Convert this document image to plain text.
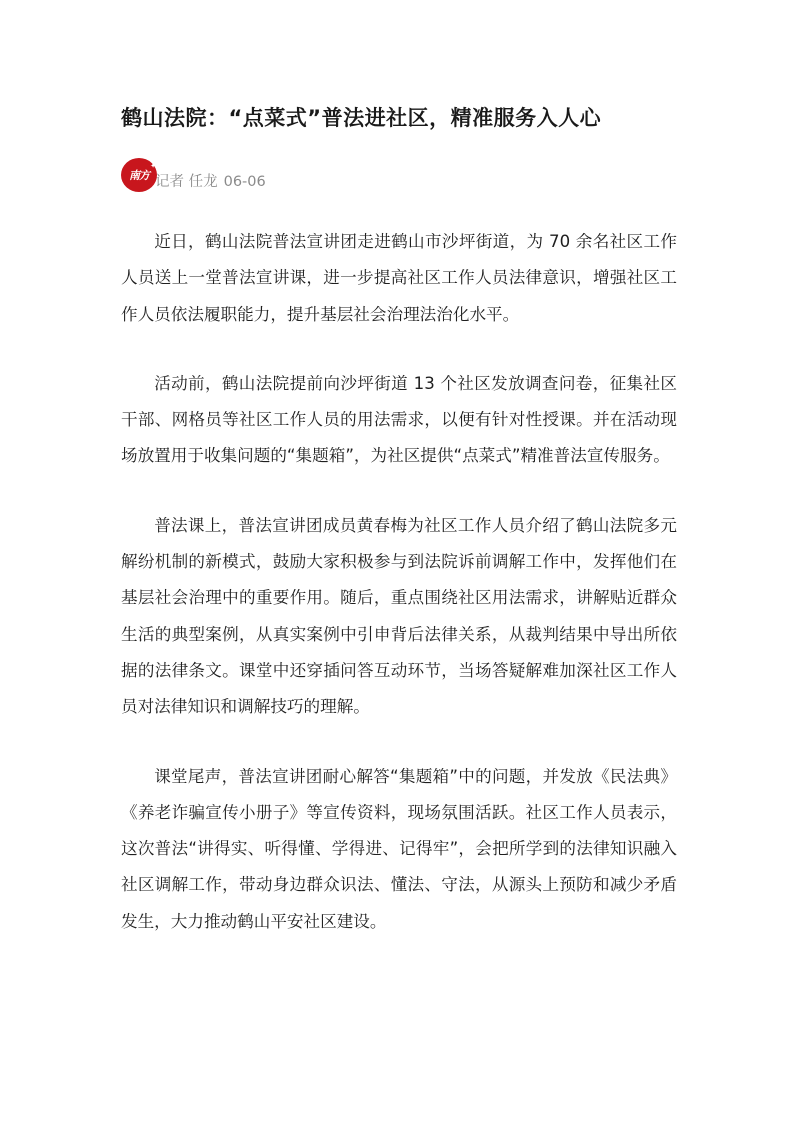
鹤山法院：“点菜式”普法进社区，精准服务入人心
南方
✦
记者 任龙 06-06

近日，鹤山法院普法宣讲团走进鹤山市沙坪街道，为 70 余名社区工作人员送上一堂普法宣讲课，进一步提高社区工作人员法律意识，增强社区工作人员依法履职能力，提升基层社会治理法治化水平。

活动前，鹤山法院提前向沙坪街道 13 个社区发放调查问卷，征集社区干部、网格员等社区工作人员的用法需求，以便有针对性授课。并在活动现场放置用于收集问题的“集题箱”，为社区提供“点菜式”精准普法宣传服务。

普法课上，普法宣讲团成员黄春梅为社区工作人员介绍了鹤山法院多元解纷机制的新模式，鼓励大家积极参与到法院诉前调解工作中，发挥他们在基层社会治理中的重要作用。随后，重点围绕社区用法需求，讲解贴近群众生活的典型案例，从真实案例中引申背后法律关系，从裁判结果中导出所依据的法律条文。课堂中还穿插问答互动环节，当场答疑解难加深社区工作人员对法律知识和调解技巧的理解。

课堂尾声，普法宣讲团耐心解答“集题箱”中的问题，并发放《民法典》《养老诈骗宣传小册子》等宣传资料，现场氛围活跃。社区工作人员表示，这次普法“讲得实、听得懂、学得进、记得牢”，会把所学到的法律知识融入社区调解工作，带动身边群众识法、懂法、守法，从源头上预防和减少矛盾发生，大力推动鹤山平安社区建设。
